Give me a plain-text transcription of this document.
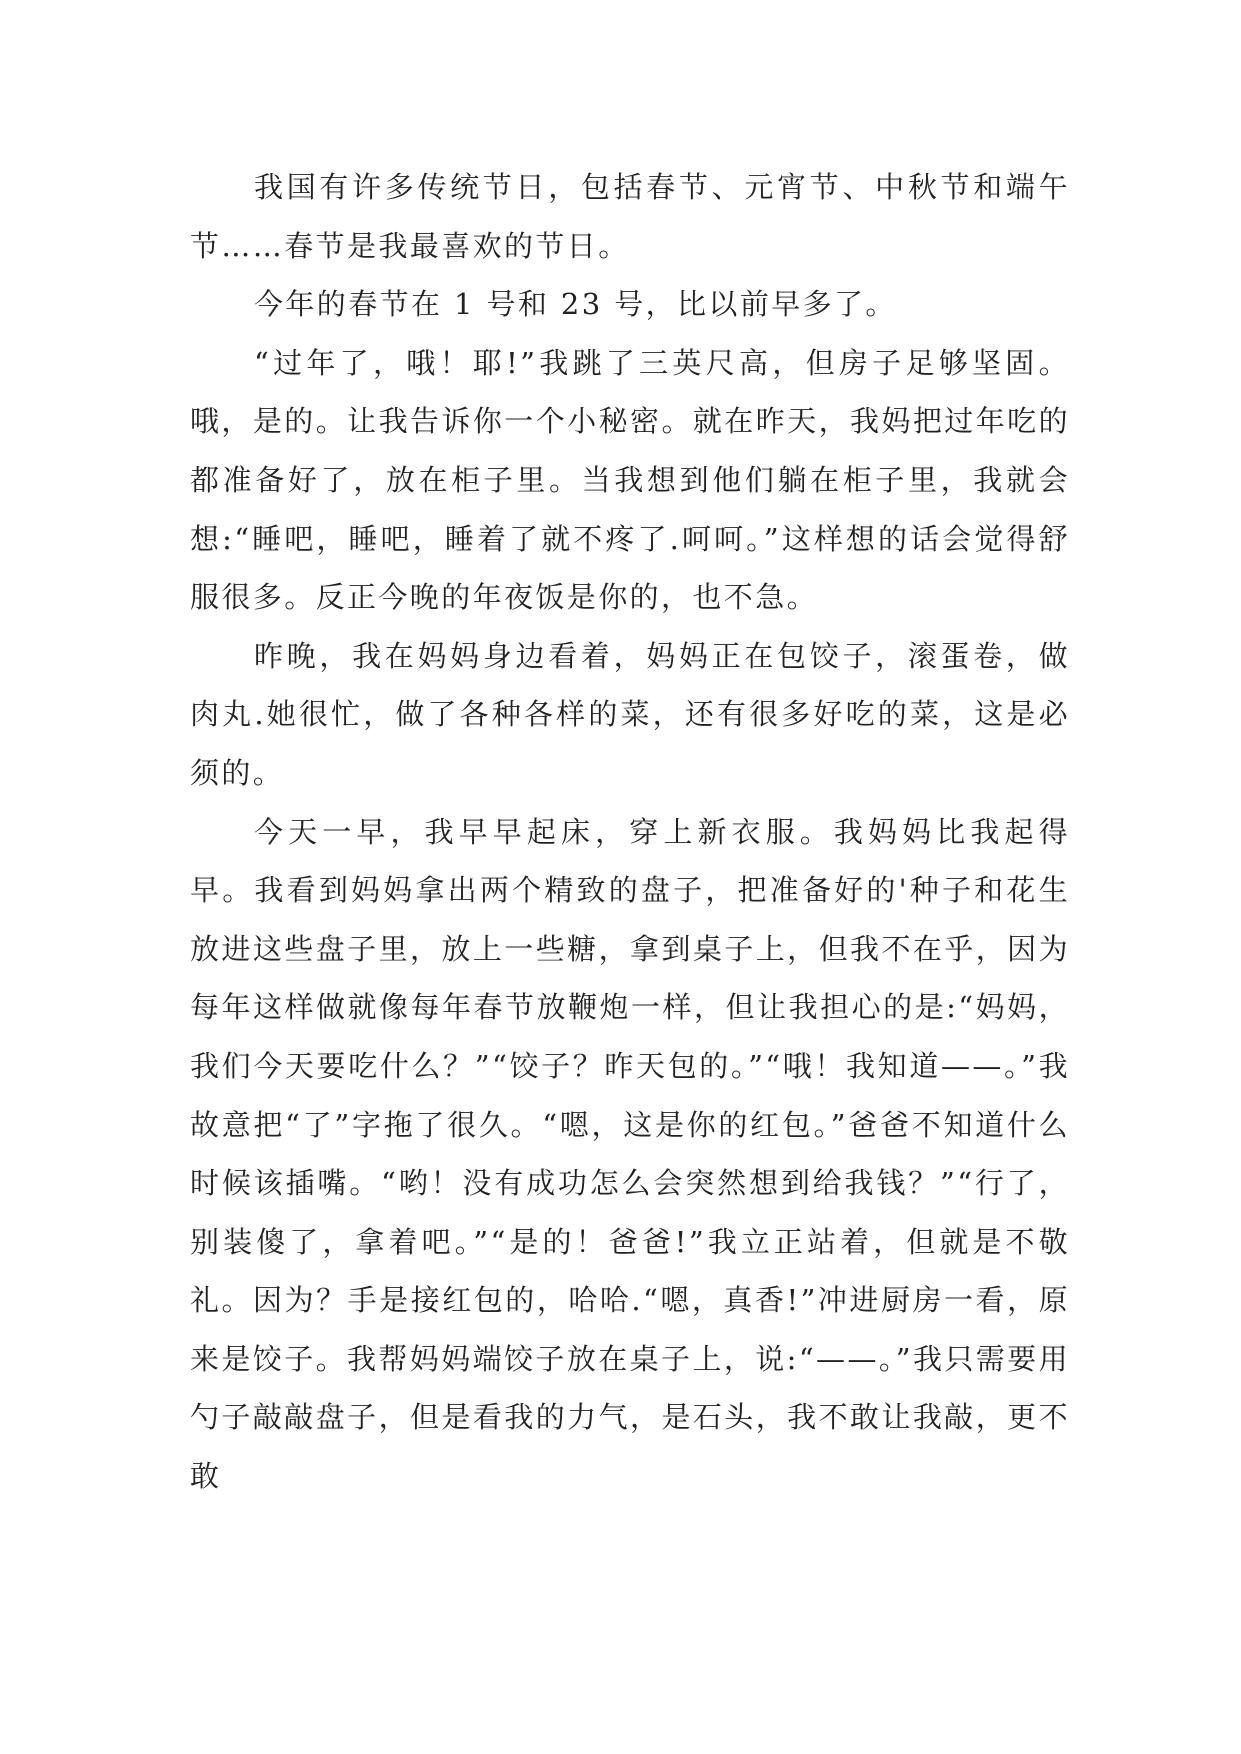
我国有许多传统节日，包括春节、元宵节、中秋节和端午节……春节是我最喜欢的节日。

今年的春节在 1 号和 23 号，比以前早多了。

“过年了，哦！耶!”我跳了三英尺高，但房子足够坚固。哦，是的。让我告诉你一个小秘密。就在昨天，我妈把过年吃的都准备好了，放在柜子里。当我想到他们躺在柜子里，我就会想:“睡吧，睡吧，睡着了就不疼了.呵呵。”这样想的话会觉得舒服很多。反正今晚的年夜饭是你的，也不急。

昨晚，我在妈妈身边看着，妈妈正在包饺子，滚蛋卷，做肉丸.她很忙，做了各种各样的菜，还有很多好吃的菜，这是必须的。

今天一早，我早早起床，穿上新衣服。我妈妈比我起得早。我看到妈妈拿出两个精致的盘子，把准备好的'种子和花生放进这些盘子里，放上一些糖，拿到桌子上，但我不在乎，因为每年这样做就像每年春节放鞭炮一样，但让我担心的是:“妈妈，我们今天要吃什么？”“饺子？昨天包的。”“哦！我知道——。”我故意把“了”字拖了很久。“嗯，这是你的红包。”爸爸不知道什么时候该插嘴。“哟！没有成功怎么会突然想到给我钱？”“行了，别装傻了，拿着吧。”“是的！爸爸!”我立正站着，但就是不敬礼。因为？手是接红包的，哈哈.“嗯，真香!”冲进厨房一看，原来是饺子。我帮妈妈端饺子放在桌子上，说:“——。”我只需要用勺子敲敲盘子，但是看我的力气，是石头，我不敢让我敲，更不敢
